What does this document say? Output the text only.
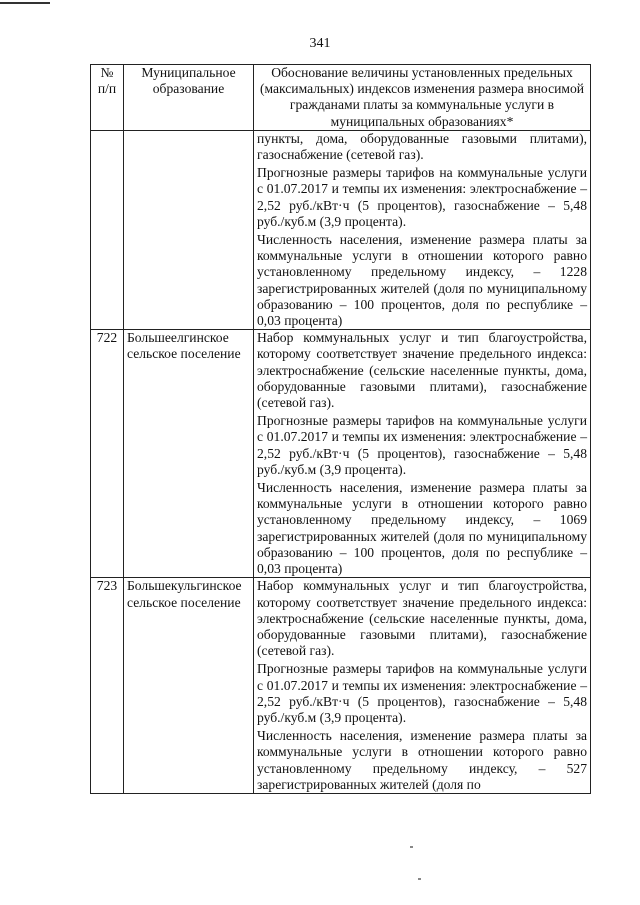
341
№ п/п	Муниципальное образование	Обоснование величины установленных предельных (максимальных) индексов изменения размера вносимой гражданами платы за коммунальные услуги в муниципальных образованиях*

		пункты, дома, оборудованные газовыми плитами), газоснабжение (сетевой газ).

Прогнозные размеры тарифов на коммунальные услуги с 01.07.2017 и темпы их изменения: электроснабжение – 2,52 руб./кВт·ч (5 процентов), газоснабжение – 5,48 руб./куб.м (3,9 процента).

Численность населения, изменение размера платы за коммунальные услуги в отношении которого равно установленному предельному индексу, – 1228 зарегистрированных жителей (доля по муниципальному образованию – 100 процентов, доля по республике – 0,03 процента)

722	Большеелгинское сельское поселение	Набор коммунальных услуг и тип благоустройства, которому соответствует значение предельного индекса: электроснабжение (сельские населенные пункты, дома, оборудованные газовыми плитами), газоснабжение (сетевой газ).

Прогнозные размеры тарифов на коммунальные услуги с 01.07.2017 и темпы их изменения: электроснабжение – 2,52 руб./кВт·ч (5 процентов), газоснабжение – 5,48 руб./куб.м (3,9 процента).

Численность населения, изменение размера платы за коммунальные услуги в отношении которого равно установленному предельному индексу, – 1069 зарегистрированных жителей (доля по муниципальному образованию – 100 процентов, доля по республике – 0,03 процента)

723	Большекульгинское сельское поселение	Набор коммунальных услуг и тип благоустройства, которому соответствует значение предельного индекса: электроснабжение (сельские населенные пункты, дома, оборудованные газовыми плитами), газоснабжение (сетевой газ).

Прогнозные размеры тарифов на коммунальные услуги с 01.07.2017 и темпы их изменения: электроснабжение – 2,52 руб./кВт·ч (5 процентов), газоснабжение – 5,48 руб./куб.м (3,9 процента).

Численность населения, изменение размера платы за коммунальные услуги в отношении которого равно установленному предельному индексу, – 527 зарегистрированных жителей (доля по
